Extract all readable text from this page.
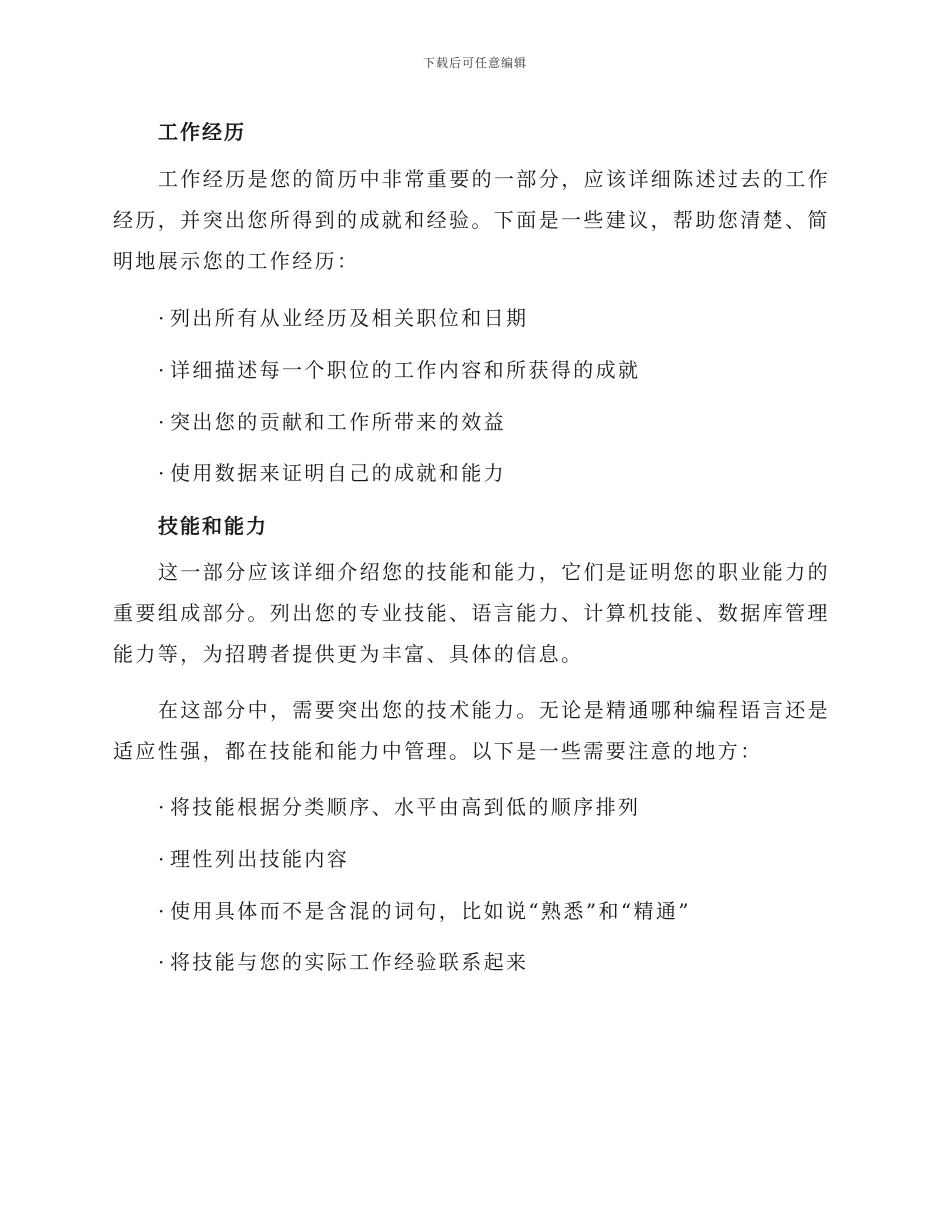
下载后可任意编辑
工作经历
工作经历是您的简历中非常重要的一部分，应该详细陈述过去的工作经历，并突出您所得到的成就和经验。下面是一些建议，帮助您清楚、简明地展示您的工作经历：
· 列出所有从业经历及相关职位和日期
· 详细描述每一个职位的工作内容和所获得的成就
· 突出您的贡献和工作所带来的效益
· 使用数据来证明自己的成就和能力
技能和能力
这一部分应该详细介绍您的技能和能力，它们是证明您的职业能力的重要组成部分。列出您的专业技能、语言能力、计算机技能、数据库管理能力等，为招聘者提供更为丰富、具体的信息。
在这部分中，需要突出您的技术能力。无论是精通哪种编程语言还是适应性强，都在技能和能力中管理。以下是一些需要注意的地方：
· 将技能根据分类顺序、水平由高到低的顺序排列
· 理性列出技能内容
· 使用具体而不是含混的词句，比如说“熟悉”和“精通”
· 将技能与您的实际工作经验联系起来
